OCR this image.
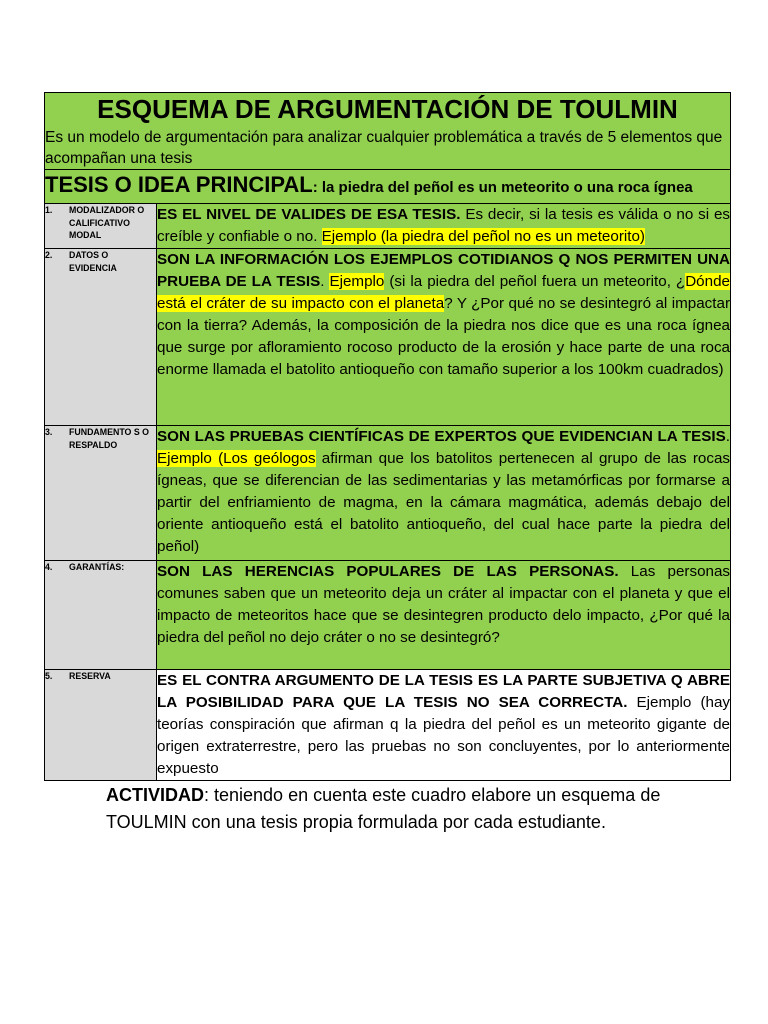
ESQUEMA DE ARGUMENTACIÓN DE TOULMIN

Es un modelo de argumentación para analizar cualquier problemática a través de 5 elementos que acompañan una tesis	

TESIS O IDEA PRINCIPAL: la piedra del peñol es un meteorito o una roca ígnea	
1. MODALIZADOR O CALIFICATIVO MODAL	ES EL NIVEL DE VALIDES DE ESA TESIS. Es decir, si la tesis es válida o no si es creíble y confiable o no. Ejemplo (la piedra del peñol no es un meteorito)
2. DATOS O EVIDENCIA	SON LA INFORMACIÓN LOS EJEMPLOS COTIDIANOS Q NOS PERMITEN UNA PRUEBA DE LA TESIS. Ejemplo (si la piedra del peñol fuera un meteorito, ¿Dónde está el cráter de su impacto con el planeta? Y ¿Por qué no se desintegró al impactar con la tierra? Además, la composición de la piedra nos dice que es una roca ígnea que surge por afloramiento rocoso producto de la erosión y hace parte de una roca enorme llamada el batolito antioqueño con tamaño superior a los 100km cuadrados)
3. FUNDAMENTO S O RESPALDO	SON LAS PRUEBAS CIENTÍFICAS DE EXPERTOS QUE EVIDENCIAN LA TESIS. Ejemplo (Los geólogos afirman que los batolitos pertenecen al grupo de las rocas ígneas, que se diferencian de las sedimentarias y las metamórficas por formarse a partir del enfriamiento de magma, en la cámara magmática, además debajo del oriente antioqueño está el batolito antioqueño, del cual hace parte la piedra del peñol)
4. GARANTÍAS:	SON LAS HERENCIAS POPULARES DE LAS PERSONAS. Las personas comunes saben que un meteorito deja un cráter al impactar con el planeta y que el impacto de meteoritos hace que se desintegren producto delo impacto, ¿Por qué la piedra del peñol no dejo cráter o no se desintegró?
5. RESERVA	ES EL CONTRA ARGUMENTO DE LA TESIS ES LA PARTE SUBJETIVA Q ABRE LA POSIBILIDAD PARA QUE LA TESIS NO SEA CORRECTA. Ejemplo (hay teorías conspiración que afirman q la piedra del peñol es un meteorito gigante de origen extraterrestre, pero las pruebas no son concluyentes, por lo anteriormente expuesto
ACTIVIDAD: teniendo en cuenta este cuadro elabore un esquema de TOULMIN con una tesis propia formulada por cada estudiante.
